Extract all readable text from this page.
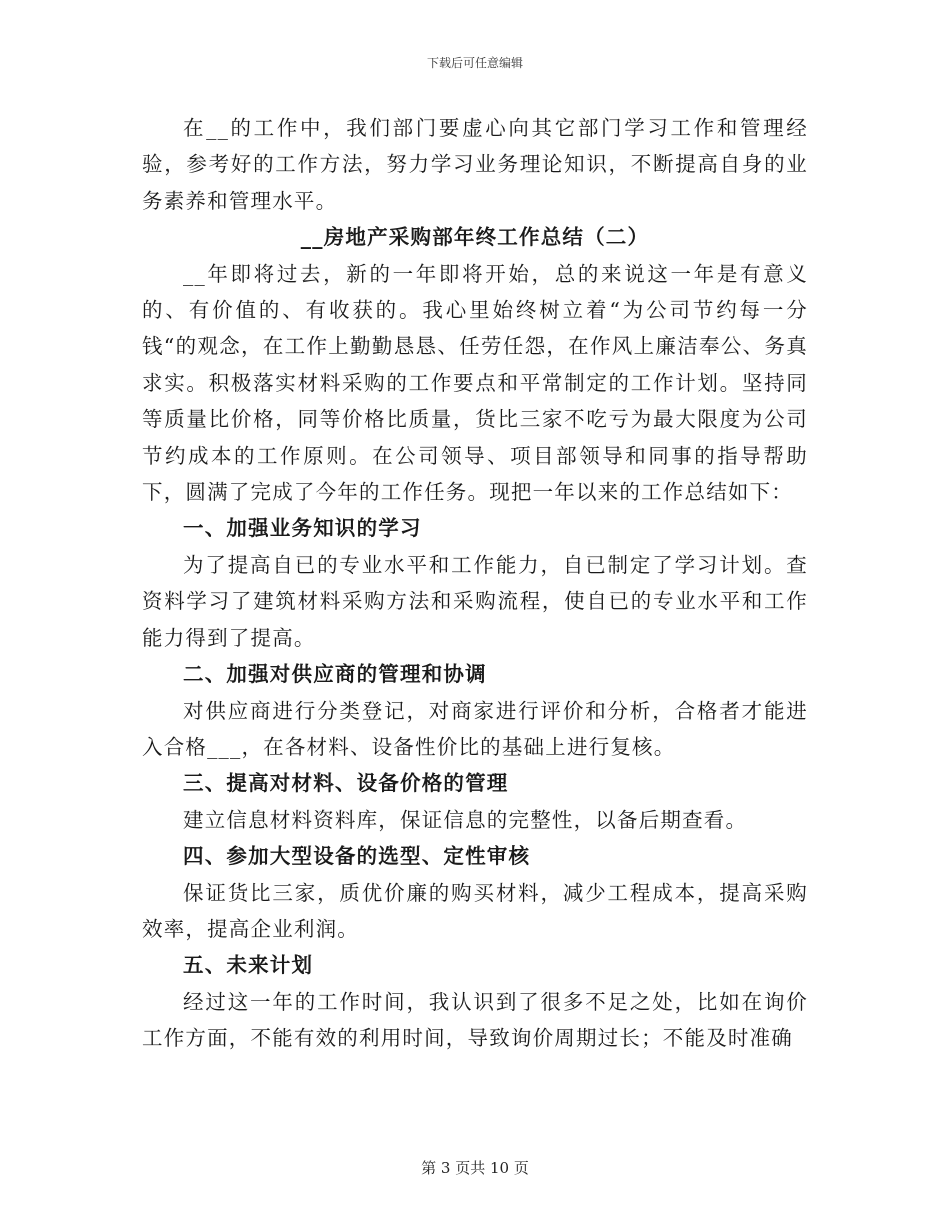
下载后可任意编辑

在__的工作中，我们部门要虚心向其它部门学习工作和管理经验，参考好的工作方法，努力学习业务理论知识，不断提高自身的业务素养和管理水平。

__房地产采购部年终工作总结（二）

__年即将过去，新的一年即将开始，总的来说这一年是有意义的、有价值的、有收获的。我心里始终树立着“为公司节约每一分钱“的观念，在工作上勤勤恳恳、任劳任怨，在作风上廉洁奉公、务真求实。积极落实材料采购的工作要点和平常制定的工作计划。坚持同等质量比价格，同等价格比质量，货比三家不吃亏为最大限度为公司节约成本的工作原则。在公司领导、项目部领导和同事的指导帮助下，圆满了完成了今年的工作任务。现把一年以来的工作总结如下：

一、加强业务知识的学习

为了提高自已的专业水平和工作能力，自已制定了学习计划。查资料学习了建筑材料采购方法和采购流程，使自已的专业水平和工作能力得到了提高。

二、加强对供应商的管理和协调

对供应商进行分类登记，对商家进行评价和分析，合格者才能进入合格___，在各材料、设备性价比的基础上进行复核。

三、提高对材料、设备价格的管理

建立信息材料资料库，保证信息的完整性，以备后期查看。

四、参加大型设备的选型、定性审核

保证货比三家，质优价廉的购买材料，减少工程成本，提高采购效率，提高企业利润。

五、未来计划

经过这一年的工作时间，我认识到了很多不足之处，比如在询价工作方面，不能有效的利用时间，导致询价周期过长；不能及时准确

第 3 页共 10 页
